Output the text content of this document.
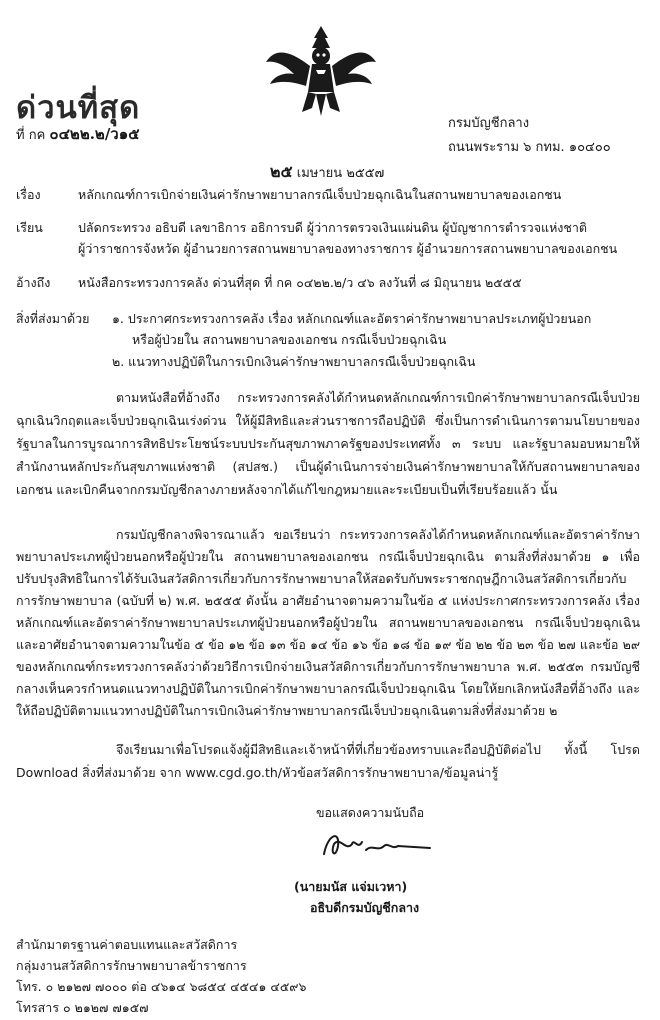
ด่วนที่สุด
ที่ กค ๐๔๒๒.๒/ว๑๕
กรมบัญชีกลาง
ถนนพระราม ๖ กทม. ๑๐๔๐๐
๒๕ เมษายน ๒๕๕๗
เรื่อง	หลักเกณฑ์การเบิกจ่ายเงินค่ารักษาพยาบาลกรณีเจ็บป่วยฉุกเฉินในสถานพยาบาลของเอกชน
เรียน	ปลัดกระทรวง อธิบดี เลขาธิการ อธิการบดี ผู้ว่าการตรวจเงินแผ่นดิน ผู้บัญชาการตำรวจแห่งชาติ
ผู้ว่าราชการจังหวัด ผู้อำนวยการสถานพยาบาลของทางราชการ ผู้อำนวยการสถานพยาบาลของเอกชน
อ้างถึง หนังสือกระทรวงการคลัง ด่วนที่สุด ที่ กค ๐๔๒๒.๒/ว ๔๖ ลงวันที่ ๘ มิถุนายน ๒๕๕๕
สิ่งที่ส่งมาด้วย ๑. ประกาศกระทรวงการคลัง เรื่อง หลักเกณฑ์และอัตราค่ารักษาพยาบาลประเภทผู้ป่วยนอก
หรือผู้ป่วยใน สถานพยาบาลของเอกชน กรณีเจ็บป่วยฉุกเฉิน
๒. แนวทางปฏิบัติในการเบิกเงินค่ารักษาพยาบาลกรณีเจ็บป่วยฉุกเฉิน
ตามหนังสือที่อ้างถึง กระทรวงการคลังได้กำหนดหลักเกณฑ์การเบิกค่ารักษาพยาบาลกรณีเจ็บป่วยฉุกเฉินวิกฤตและเจ็บป่วยฉุกเฉินเร่งด่วน ให้ผู้มีสิทธิและส่วนราชการถือปฏิบัติ ซึ่งเป็นการดำเนินการตามนโยบายของรัฐบาลในการบูรณาการสิทธิประโยชน์ระบบประกันสุขภาพภาครัฐของประเทศทั้ง ๓ ระบบ และรัฐบาลมอบหมายให้สำนักงานหลักประกันสุขภาพแห่งชาติ (สปสช.) เป็นผู้ดำเนินการจ่ายเงินค่ารักษาพยาบาลให้กับสถานพยาบาลของเอกชน และเบิกคืนจากกรมบัญชีกลางภายหลังจากได้แก้ไขกฎหมายและระเบียบเป็นที่เรียบร้อยแล้ว นั้น
กรมบัญชีกลางพิจารณาแล้ว ขอเรียนว่า กระทรวงการคลังได้กำหนดหลักเกณฑ์และอัตราค่ารักษาพยาบาลประเภทผู้ป่วยนอกหรือผู้ป่วยใน สถานพยาบาลของเอกชน กรณีเจ็บป่วยฉุกเฉิน ตามสิ่งที่ส่งมาด้วย ๑ เพื่อปรับปรุงสิทธิในการได้รับเงินสวัสดิการเกี่ยวกับการรักษาพยาบาลให้สอดรับกับพระราชกฤษฎีกาเงินสวัสดิการเกี่ยวกับการรักษาพยาบาล (ฉบับที่ ๒) พ.ศ. ๒๕๕๕ ดังนั้น อาศัยอำนาจตามความในข้อ ๕ แห่งประกาศกระทรวงการคลัง เรื่อง หลักเกณฑ์และอัตราค่ารักษาพยาบาลประเภทผู้ป่วยนอกหรือผู้ป่วยใน สถานพยาบาลของเอกชน กรณีเจ็บป่วยฉุกเฉิน และอาศัยอำนาจตามความในข้อ ๕ ข้อ ๑๒ ข้อ ๑๓ ข้อ ๑๔ ข้อ ๑๖ ข้อ ๑๘ ข้อ ๑๙ ข้อ ๒๒ ข้อ ๒๓ ข้อ ๒๗ และข้อ ๒๙ ของหลักเกณฑ์กระทรวงการคลังว่าด้วยวิธีการเบิกจ่ายเงินสวัสดิการเกี่ยวกับการรักษาพยาบาล พ.ศ. ๒๕๕๓ กรมบัญชีกลางเห็นควรกำหนดแนวทางปฏิบัติในการเบิกค่ารักษาพยาบาลกรณีเจ็บป่วยฉุกเฉิน โดยให้ยกเลิกหนังสือที่อ้างถึง และให้ถือปฏิบัติตามแนวทางปฏิบัติในการเบิกเงินค่ารักษาพยาบาลกรณีเจ็บป่วยฉุกเฉินตามสิ่งที่ส่งมาด้วย ๒
จึงเรียนมาเพื่อโปรดแจ้งผู้มีสิทธิและเจ้าหน้าที่ที่เกี่ยวข้องทราบและถือปฏิบัติต่อไป ทั้งนี้ โปรด Download สิ่งที่ส่งมาด้วย จาก www.cgd.go.th/หัวข้อสวัสดิการรักษาพยาบาล/ข้อมูลน่ารู้
ขอแสดงความนับถือ
(นายมนัส แจ่มเวหา)
อธิบดีกรมบัญชีกลาง
สำนักมาตรฐานค่าตอบแทนและสวัสดิการ
กลุ่มงานสวัสดิการรักษาพยาบาลข้าราชการ
โทร. ๐ ๒๑๒๗ ๗๐๐๐ ต่อ ๔๖๑๔ ๖๘๕๔ ๔๕๔๑ ๔๕๙๖
โทรสาร ๐ ๒๑๒๗ ๗๑๕๗
